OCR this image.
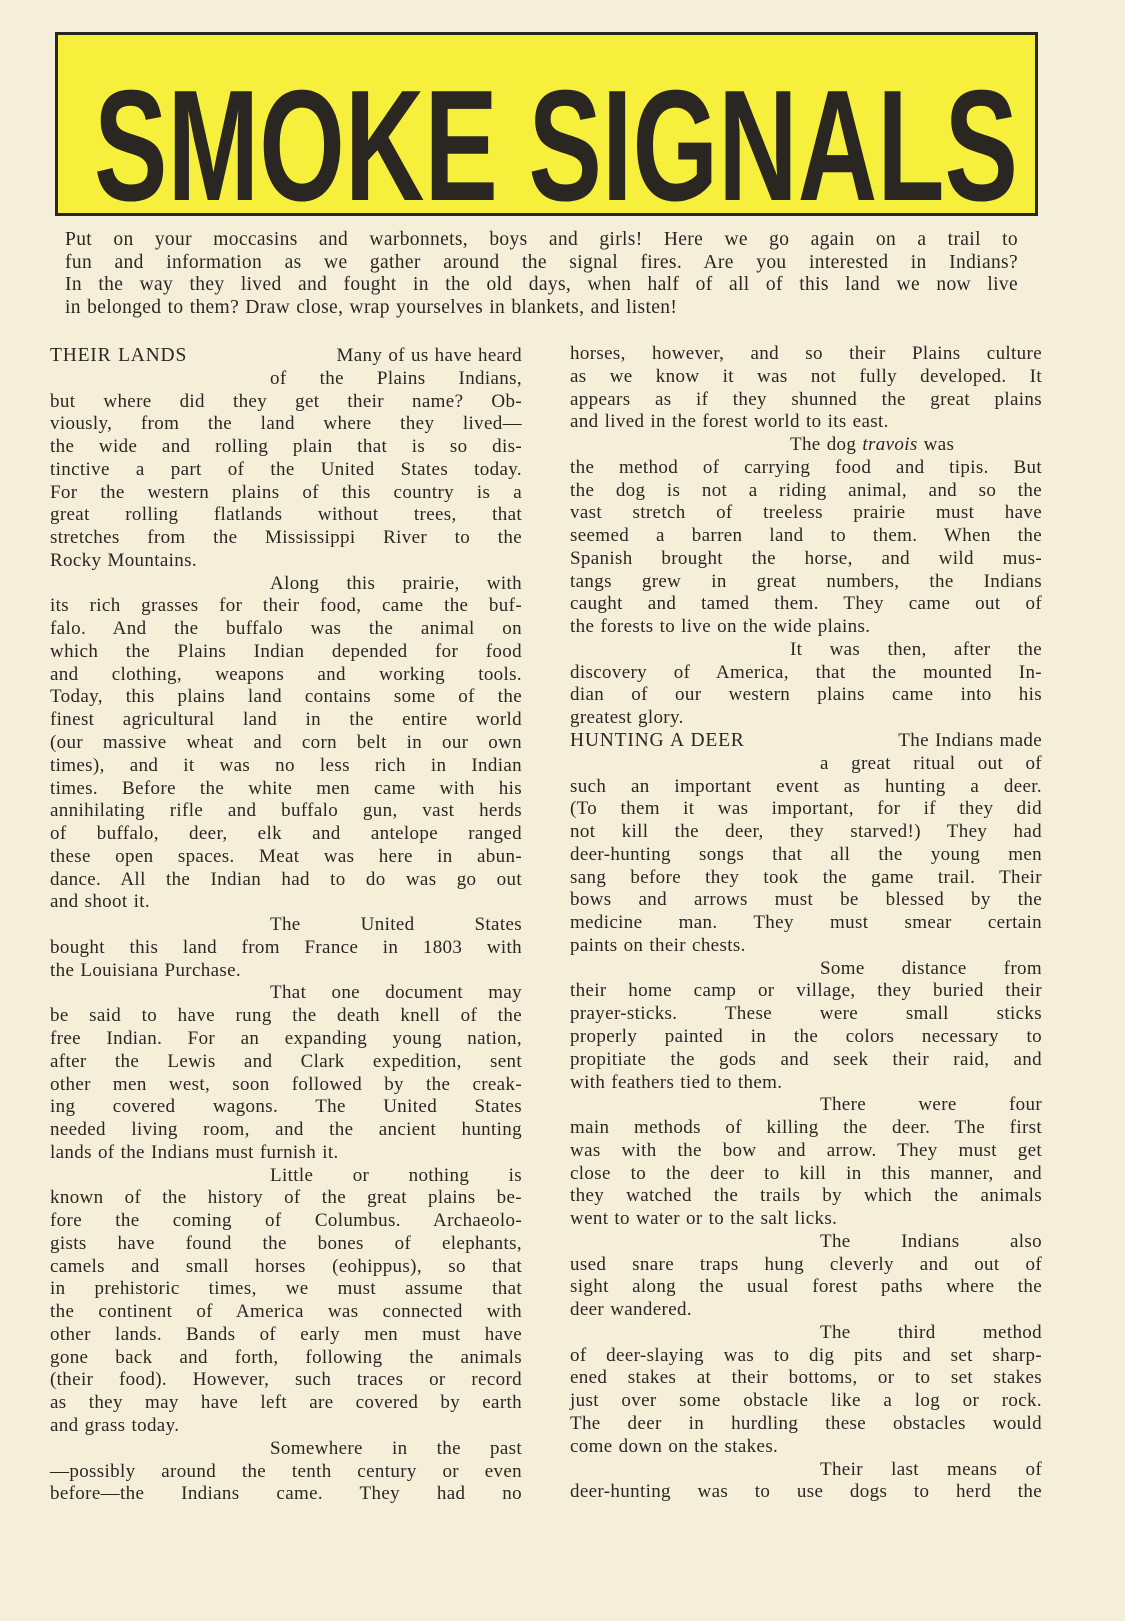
SMOKE SIGNALS
Put on your moccasins and warbonnets, boys and girls! Here we go again on a trail to
fun and information as we gather around the signal fires. Are you interested in Indians?
In the way they lived and fought in the old days, when half of all of this land we now live
in belonged to them? Draw close, wrap yourselves in blankets, and listen!
THEIR LANDS	Many of us have heard
of the Plains Indians,
but where did they get their name? Ob-
viously, from the land where they lived—
the wide and rolling plain that is so dis-
tinctive a part of the United States today.
For the western plains of this country is a
great rolling flatlands without trees, that
stretches from the Mississippi River to the
Rocky Mountains.
Along this prairie, with
its rich grasses for their food, came the buf-
falo. And the buffalo was the animal on
which the Plains Indian depended for food
and clothing, weapons and working tools.
Today, this plains land contains some of the
finest agricultural land in the entire world
(our massive wheat and corn belt in our own
times), and it was no less rich in Indian
times. Before the white men came with his
annihilating rifle and buffalo gun, vast herds
of buffalo, deer, elk and antelope ranged
these open spaces. Meat was here in abun-
dance. All the Indian had to do was go out
and shoot it.
The United States
bought this land from France in 1803 with
the Louisiana Purchase.
That one document may
be said to have rung the death knell of the
free Indian. For an expanding young nation,
after the Lewis and Clark expedition, sent
other men west, soon followed by the creak-
ing covered wagons. The United States
needed living room, and the ancient hunting
lands of the Indians must furnish it.
Little or nothing is
known of the history of the great plains be-
fore the coming of Columbus. Archaeolo-
gists have found the bones of elephants,
camels and small horses (eohippus), so that
in prehistoric times, we must assume that
the continent of America was connected with
other lands. Bands of early men must have
gone back and forth, following the animals
(their food). However, such traces or record
as they may have left are covered by earth
and grass today.
Somewhere in the past
—possibly around the tenth century or even
before—the Indians came. They had no
horses, however, and so their Plains culture
as we know it was not fully developed. It
appears as if they shunned the great plains
and lived in the forest world to its east.
The dog travois was
the method of carrying food and tipis. But
the dog is not a riding animal, and so the
vast stretch of treeless prairie must have
seemed a barren land to them. When the
Spanish brought the horse, and wild mus-
tangs grew in great numbers, the Indians
caught and tamed them. They came out of
the forests to live on the wide plains.
It was then, after the
discovery of America, that the mounted In-
dian of our western plains came into his
greatest glory.
HUNTING A DEER	The Indians made
a great ritual out of
such an important event as hunting a deer.
(To them it was important, for if they did
not kill the deer, they starved!) They had
deer-hunting songs that all the young men
sang before they took the game trail. Their
bows and arrows must be blessed by the
medicine man. They must smear certain
paints on their chests.
Some distance from
their home camp or village, they buried their
prayer-sticks. These were small sticks
properly painted in the colors necessary to
propitiate the gods and seek their raid, and
with feathers tied to them.
There were four
main methods of killing the deer. The first
was with the bow and arrow. They must get
close to the deer to kill in this manner, and
they watched the trails by which the animals
went to water or to the salt licks.
The Indians also
used snare traps hung cleverly and out of
sight along the usual forest paths where the
deer wandered.
The third method
of deer-slaying was to dig pits and set sharp-
ened stakes at their bottoms, or to set stakes
just over some obstacle like a log or rock.
The deer in hurdling these obstacles would
come down on the stakes.
Their last means of
deer-hunting was to use dogs to herd the
